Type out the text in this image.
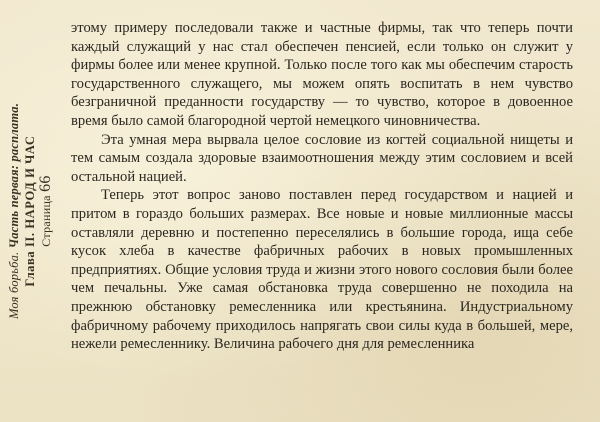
Моя борьба. Часть первая: расплата.
Глава II. НАРОД И ЧАС Страница 66

этому примеру последовали также и частные фирмы, так что теперь почти каждый служащий у нас стал обеспечен пенсией, если только он служит у фирмы более или менее крупной. Только после того как мы обеспечим старость государственного служащего, мы можем опять воспитать в нем чувство безграничной преданности государству — то чувство, которое в довоенное время было самой благородной чертой немецкого чиновничества.

Эта умная мера вырвала целое сословие из когтей социальной нищеты и тем самым создала здоровые взаимоотношения между этим сословием и всей остальной нацией.

Теперь этот вопрос заново поставлен перед государством и нацией и притом в гораздо больших размерах. Все новые и новые миллионные массы оставляли деревню и постепенно переселялись в большие города, ища себе кусок хлеба в качестве фабричных рабочих в новых промышленных предприятиях. Общие условия труда и жизни этого нового сословия были более чем печальны. Уже самая обстановка труда совершенно не походила на прежнюю обстановку ремесленника или крестьянина. Индустриальному фабричному рабочему приходилось напрягать свои силы куда в большей, мере, нежели ремесленнику. Величина рабочего дня для ремесленника
